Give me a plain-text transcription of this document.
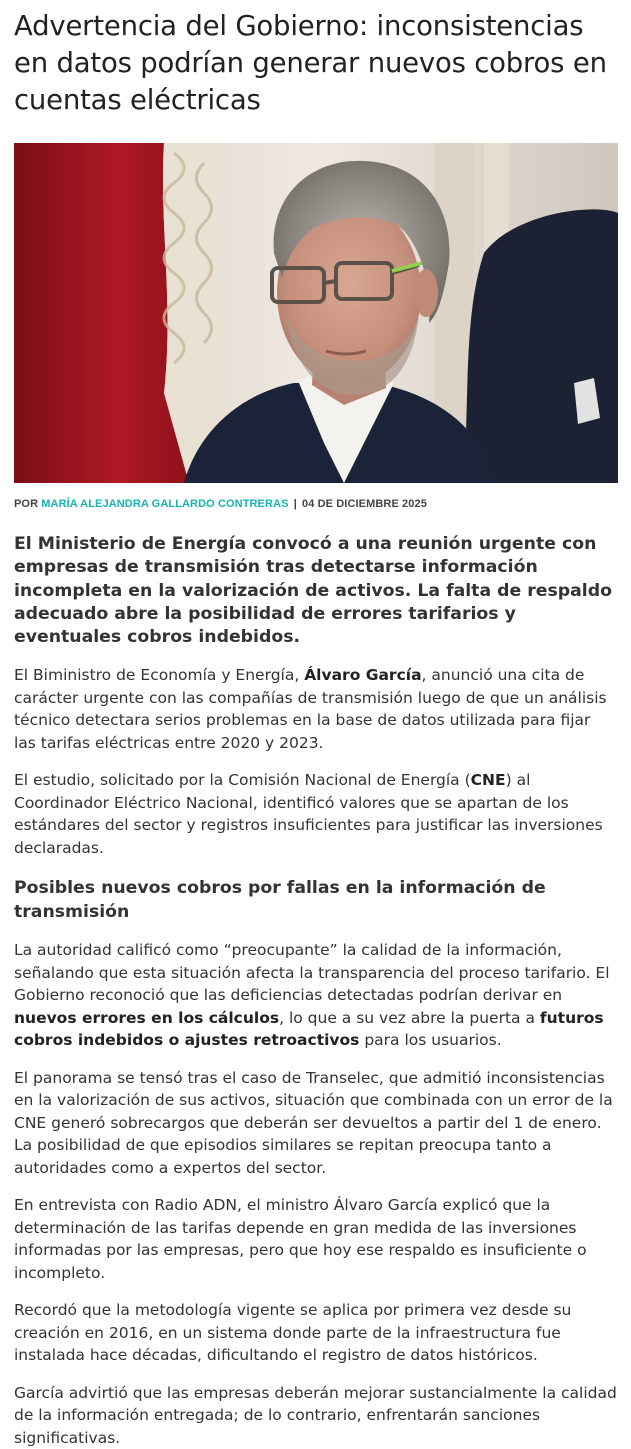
Advertencia del Gobierno: inconsistencias en datos podrían generar nuevos cobros en cuentas eléctricas
POR MARÍA ALEJANDRA GALLARDO CONTRERAS | 04 DE DICIEMBRE 2025

El Ministerio de Energía convocó a una reunión urgente con empresas de transmisión tras detectarse información incompleta en la valorización de activos. La falta de respaldo adecuado abre la posibilidad de errores tarifarios y eventuales cobros indebidos.

El Biministro de Economía y Energía, Álvaro García, anunció una cita de carácter urgente con las compañías de transmisión luego de que un análisis técnico detectara serios problemas en la base de datos utilizada para fijar las tarifas eléctricas entre 2020 y 2023.

El estudio, solicitado por la Comisión Nacional de Energía (CNE) al Coordinador Eléctrico Nacional, identificó valores que se apartan de los estándares del sector y registros insuficientes para justificar las inversiones declaradas.

Posibles nuevos cobros por fallas en la información de transmisión

La autoridad calificó como “preocupante” la calidad de la información, señalando que esta situación afecta la transparencia del proceso tarifario. El Gobierno reconoció que las deficiencias detectadas podrían derivar en nuevos errores en los cálculos, lo que a su vez abre la puerta a futuros cobros indebidos o ajustes retroactivos para los usuarios.

El panorama se tensó tras el caso de Transelec, que admitió inconsistencias en la valorización de sus activos, situación que combinada con un error de la CNE generó sobrecargos que deberán ser devueltos a partir del 1 de enero. La posibilidad de que episodios similares se repitan preocupa tanto a autoridades como a expertos del sector.

En entrevista con Radio ADN, el ministro Álvaro García explicó que la determinación de las tarifas depende en gran medida de las inversiones informadas por las empresas, pero que hoy ese respaldo es insuficiente o incompleto.

Recordó que la metodología vigente se aplica por primera vez desde su creación en 2016, en un sistema donde parte de la infraestructura fue instalada hace décadas, dificultando el registro de datos históricos.

García advirtió que las empresas deberán mejorar sustancialmente la calidad de la información entregada; de lo contrario, enfrentarán sanciones significativas.
